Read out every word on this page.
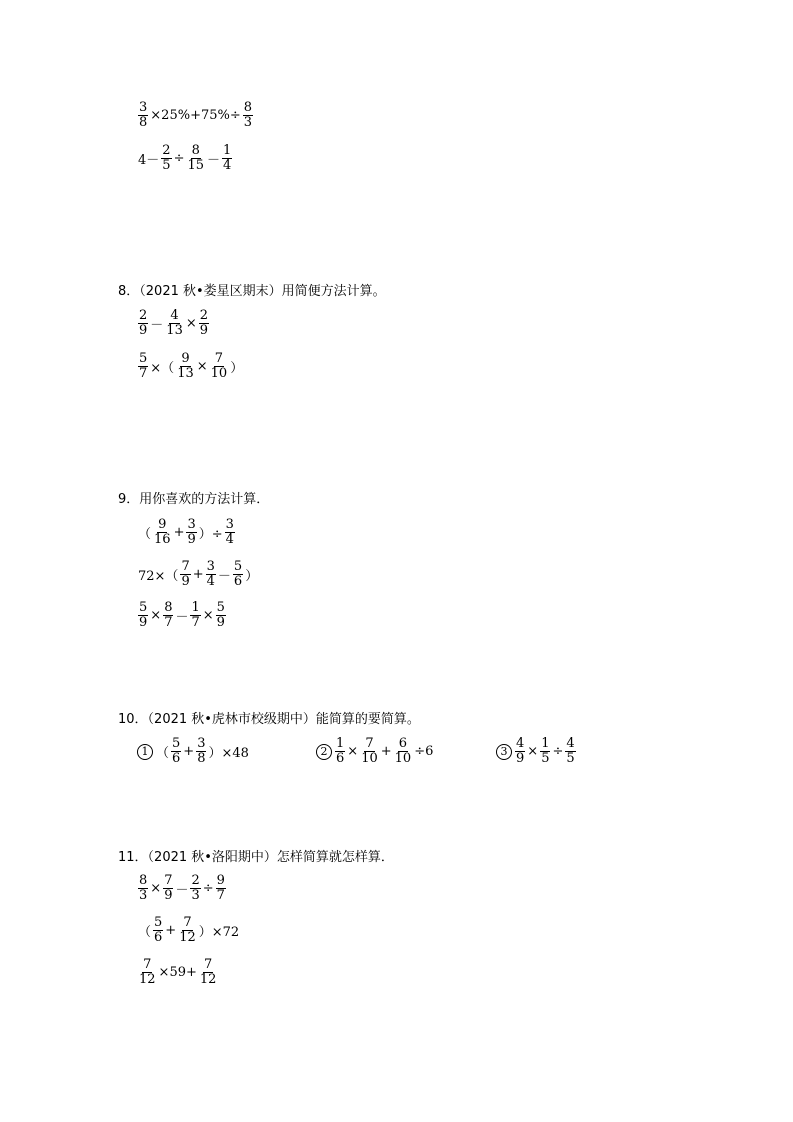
$\frac{3}{8} \times 25\%+75\%\div \frac{8}{3}$
$4- \frac{2}{5} \div \frac{8}{15} - \frac{1}{4}$
8．（2021 秋•娄星区期末）用简便方法计算。
$\frac{2}{9} - \frac{4}{13} \times \frac{2}{9}$
$\frac{5}{7}$ ×（ $\frac{9}{13} \times \frac{7}{10}$ ）
9．用你喜欢的方法计算．
（ $\frac{9}{16} + \frac{3}{9}$ ）÷ $\frac{3}{4}$
$72\times( \frac{7}{9} + \frac{3}{4} - \frac{5}{6}$ ）
$\frac{5}{9} \times \frac{8}{7} - \frac{1}{7} \times \frac{5}{9}$
10．（2021 秋•虎林市校级期中）能简算的要简算。
1 （ $\frac{5}{6} + \frac{3}{8} )\times 48$	$2 \frac{1}{6} \times \frac{7}{10} + \frac{6}{10} \div 6$	$3 \frac{4}{9} \times \frac{1}{5} \div \frac{4}{5}$
11．（2021 秋•洛阳期中）怎样简算就怎样算．
$\frac{8}{3} \times \frac{7}{9} - \frac{2}{3} \div \frac{9}{7}$
（ $\frac{5}{6} + \frac{7}{12} )\times 72$
$\frac{7}{12} \times 59+ \frac{7}{12}$
